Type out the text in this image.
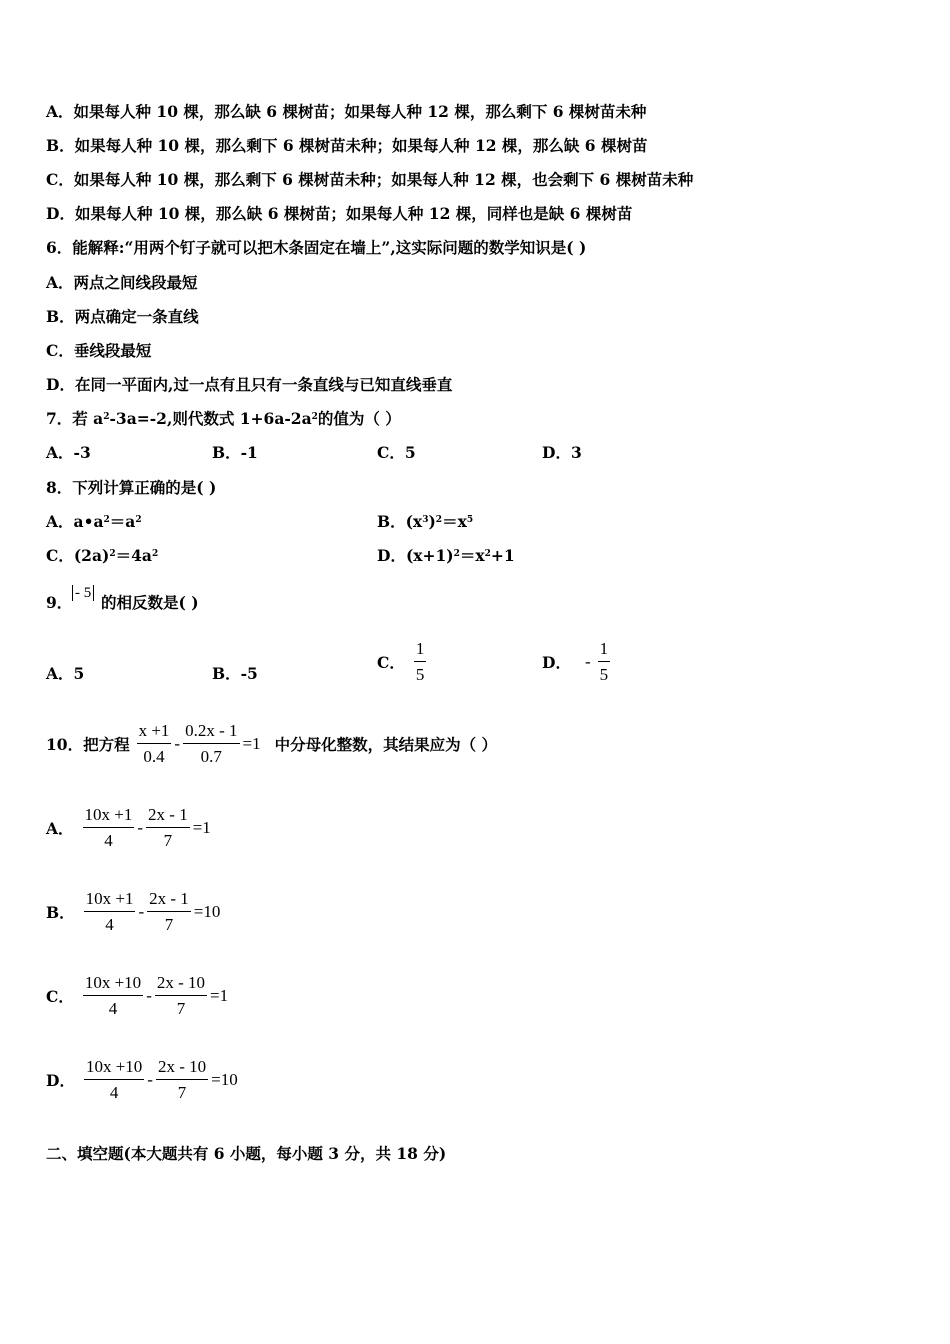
A．如果每人种 10 棵，那么缺 6 棵树苗；如果每人种 12 棵，那么剩下 6 棵树苗未种
B．如果每人种 10 棵，那么剩下 6 棵树苗未种；如果每人种 12 棵，那么缺 6 棵树苗
C．如果每人种 10 棵，那么剩下 6 棵树苗未种；如果每人种 12 棵，也会剩下 6 棵树苗未种
D．如果每人种 10 棵，那么缺 6 棵树苗；如果每人种 12 棵，同样也是缺 6 棵树苗
6．能解释:“用两个钉子就可以把木条固定在墙上”,这实际问题的数学知识是( )
A．两点之间线段最短
B．两点确定一条直线
C．垂线段最短
D．在同一平面内,过一点有且只有一条直线与已知直线垂直
7．若 $a^2-3a=-2$,则代数式 $1+6a-2a^2$的值为（ ）
A．-3	B．-1	C．5	D．3
8．下列计算正确的是( )
A．$a•a^2=a^2$	B．$(x^3)^2=x^5$
C．$(2a)^2=4a^2$	D．$(x+1)^2=x^2+1$
9． - 5 的相反数是( )
A．5	B．-5
C． $\frac{1}{5}$	D． - $\frac{1}{5}$
10．把方程 $\frac{x +1}{0.4} - \frac{0.2x - 1}{0.7} =1$ 中分母化整数，其结果应为（ ）
A． $\frac{10x +1}{4} - \frac{2x - 1}{7} =1$
B． $\frac{10x +1}{4} - \frac{2x - 1}{7} =10$
C． $\frac{10x +10}{4} - \frac{2x - 10}{7} =1$
D． $\frac{10x +10}{4} - \frac{2x - 10}{7} =10$
二、填空题(本大题共有 6 小题，每小题 3 分，共 18 分)
